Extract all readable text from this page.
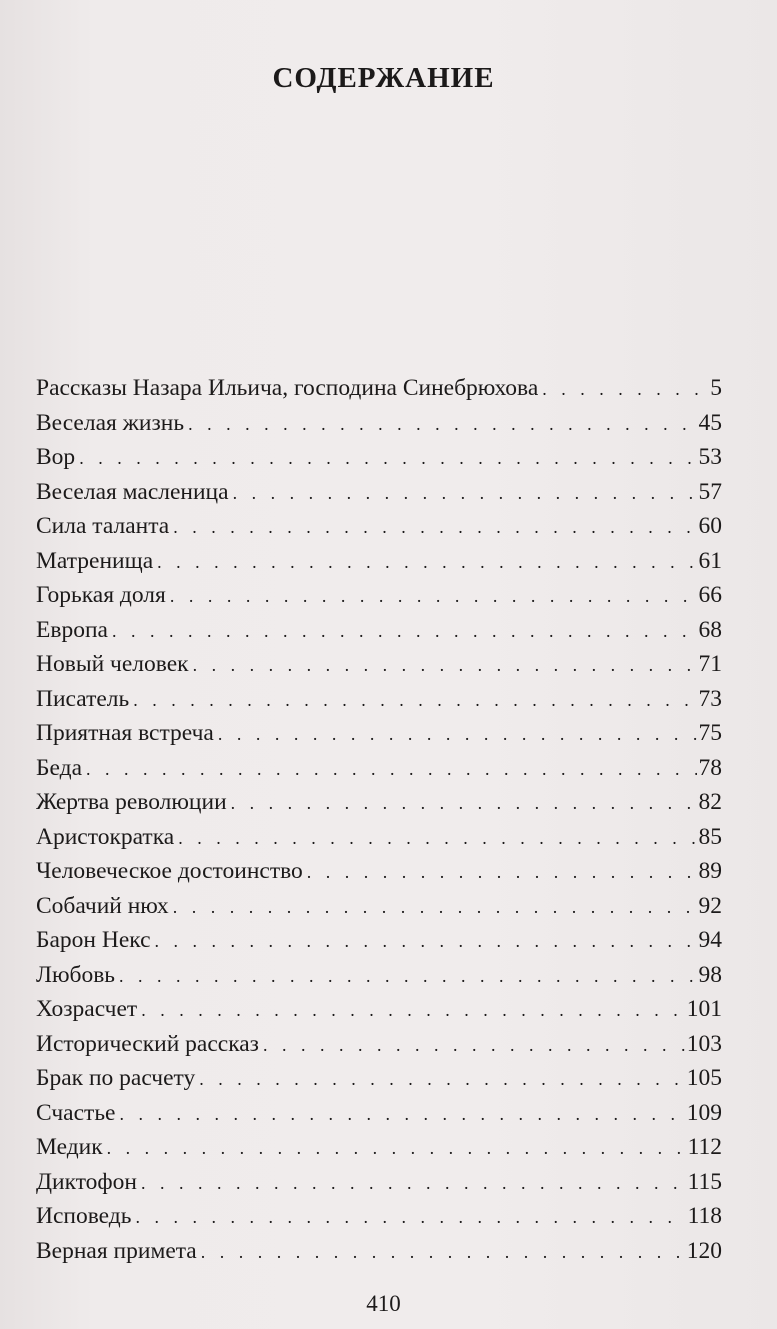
СОДЕРЖАНИЕ
Рассказы Назара Ильича, господина Синебрюхова . . .	5
Веселая жизнь . . .	45
Вор . . .	53
Веселая масленица . . .	57
Сила таланта . . .	60
Матренища . . .	61
Горькая доля . . .	66
Европа . . .	68
Новый человек . . .	71
Писатель . . .	73
Приятная встреча . . .	75
Беда . . .	78
Жертва революции . . .	82
Аристократка . . .	85
Человеческое достоинство . . .	89
Собачий нюх . . .	92
Барон Некс . . .	94
Любовь . . .	98
Хозрасчет . . .	101
Исторический рассказ . . .	103
Брак по расчету . . .	105
Счастье . . .	109
Медик . . .	112
Диктофон . . .	115
Исповедь . . .	118
Верная примета . . .	120
410
